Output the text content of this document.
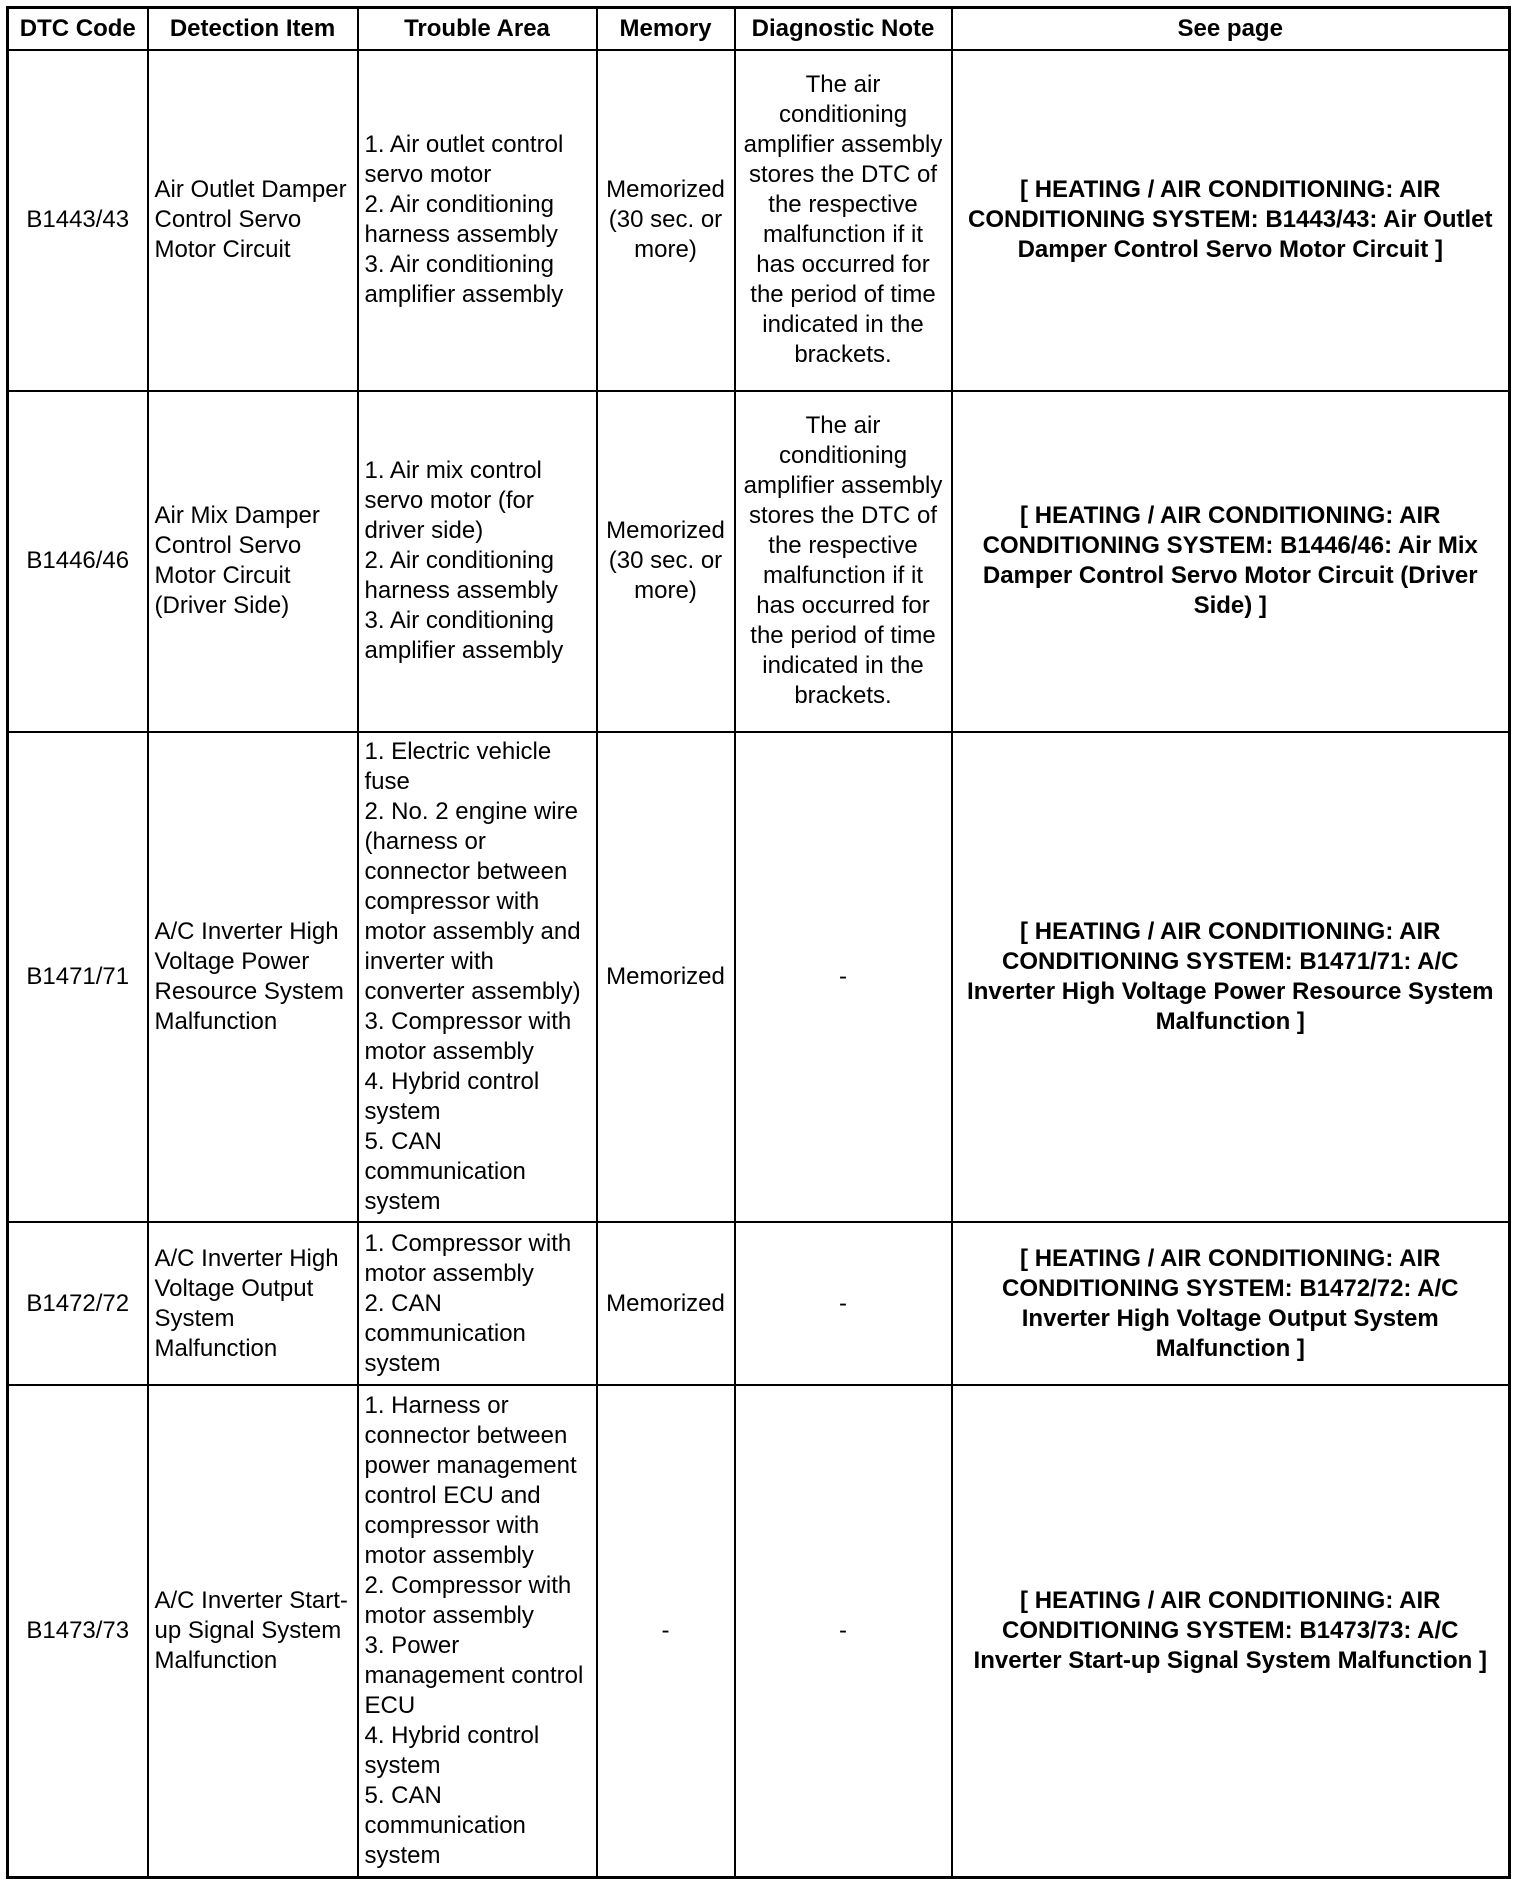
DTC Code	Detection Item	Trouble Area	Memory	Diagnostic Note	See page
B1443/43	Air Outlet Damper Control Servo Motor Circuit	1. Air outlet control servo motor
2. Air conditioning harness assembly
3. Air conditioning amplifier assembly	Memorized (30 sec. or more)	The air conditioning amplifier assembly stores the DTC of the respective malfunction if it has occurred for the period of time indicated in the brackets.	[ HEATING / AIR CONDITIONING: AIR CONDITIONING SYSTEM: B1443/43: Air Outlet Damper Control Servo Motor Circuit ]
B1446/46	Air Mix Damper Control Servo Motor Circuit (Driver Side)	1. Air mix control servo motor (for driver side)
2. Air conditioning harness assembly
3. Air conditioning amplifier assembly	Memorized (30 sec. or more)	The air conditioning amplifier assembly stores the DTC of the respective malfunction if it has occurred for the period of time indicated in the brackets.	[ HEATING / AIR CONDITIONING: AIR CONDITIONING SYSTEM: B1446/46: Air Mix Damper Control Servo Motor Circuit (Driver Side) ]
B1471/71	A/C Inverter High Voltage Power Resource System Malfunction	1. Electric vehicle fuse
2. No. 2 engine wire (harness or connector between compressor with motor assembly and inverter with converter assembly)
3. Compressor with motor assembly
4. Hybrid control system
5. CAN communication system	Memorized	-	[ HEATING / AIR CONDITIONING: AIR CONDITIONING SYSTEM: B1471/71: A/C Inverter High Voltage Power Resource System Malfunction ]
B1472/72	A/C Inverter High Voltage Output System Malfunction	1. Compressor with motor assembly
2. CAN communication system	Memorized	-	[ HEATING / AIR CONDITIONING: AIR CONDITIONING SYSTEM: B1472/72: A/C Inverter High Voltage Output System Malfunction ]
B1473/73	A/C Inverter Start-up Signal System Malfunction	1. Harness or connector between power management control ECU and compressor with motor assembly
2. Compressor with motor assembly
3. Power management control ECU
4. Hybrid control system
5. CAN communication system	-	-	[ HEATING / AIR CONDITIONING: AIR CONDITIONING SYSTEM: B1473/73: A/C Inverter Start-up Signal System Malfunction ]
